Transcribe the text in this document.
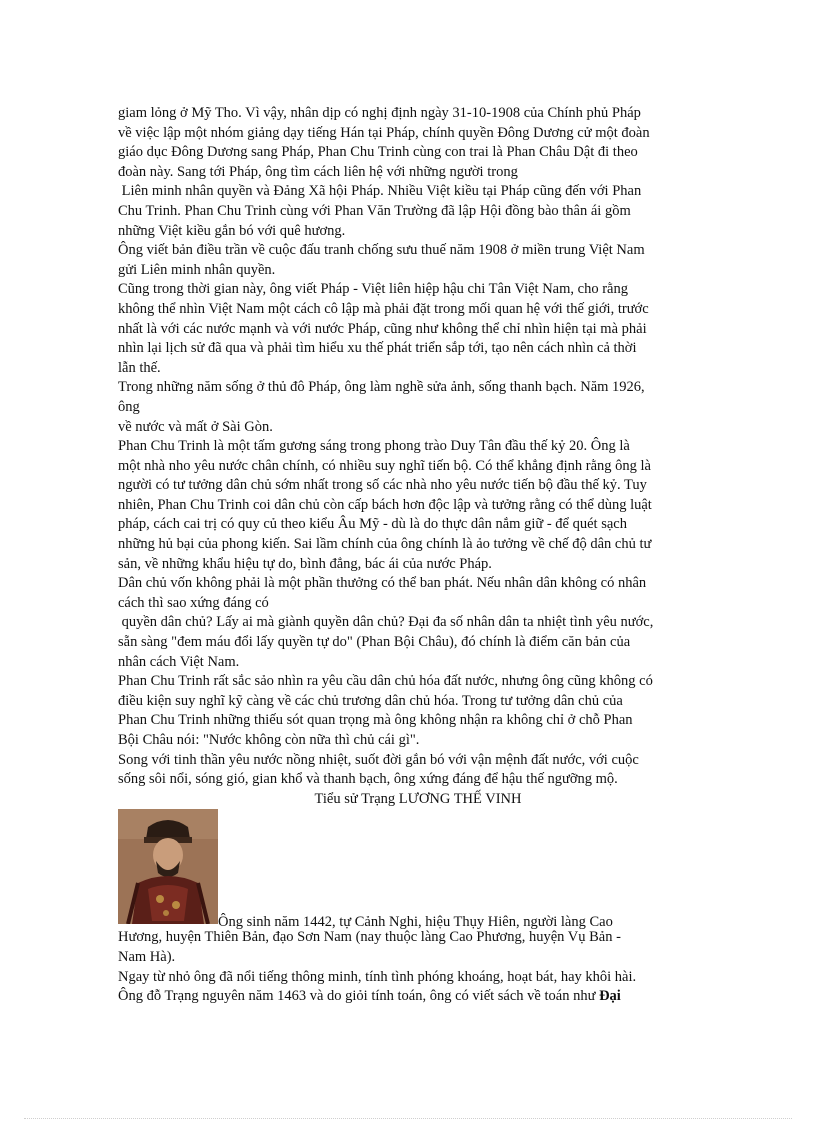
giam lỏng ở Mỹ Tho. Vì vậy, nhân dịp có nghị định ngày 31-10-1908 của Chính phủ Pháp
về việc lập một nhóm giảng dạy tiếng Hán tại Pháp, chính quyền Đông Dương cử một đoàn
giáo dục Đông Dương sang Pháp, Phan Chu Trinh cùng con trai là Phan Châu Dật đi theo
đoàn này. Sang tới Pháp, ông tìm cách liên hệ với những người trong
Liên minh nhân quyền và Đảng Xã hội Pháp. Nhiều Việt kiều tại Pháp cũng đến với Phan
Chu Trinh. Phan Chu Trinh cùng với Phan Văn Trường đã lập Hội đồng bào thân ái gồm
những Việt kiều gắn bó với quê hương.
Ông viết bản điều trần về cuộc đấu tranh chống sưu thuế năm 1908 ở miền trung Việt Nam
gửi Liên minh nhân quyền.
Cũng trong thời gian này, ông viết Pháp - Việt liên hiệp hậu chi Tân Việt Nam, cho rằng
không thể nhìn Việt Nam một cách cô lập mà phải đặt trong mối quan hệ với thế giới, trước
nhất là với các nước mạnh và với nước Pháp, cũng như không thể chỉ nhìn hiện tại mà phải
nhìn lại lịch sử đã qua và phải tìm hiểu xu thế phát triển sắp tới, tạo nên cách nhìn cả thời
lẫn thế.
Trong những năm sống ở thủ đô Pháp, ông làm nghề sửa ảnh, sống thanh bạch. Năm 1926,
ông
về nước và mất ở Sài Gòn.
Phan Chu Trinh là một tấm gương sáng trong phong trào Duy Tân đầu thế kỷ 20. Ông là
một nhà nho yêu nước chân chính, có nhiều suy nghĩ tiến bộ. Có thể khẳng định rằng ông là
người có tư tưởng dân chủ sớm nhất trong số các nhà nho yêu nước tiến bộ đầu thế kỷ. Tuy
nhiên, Phan Chu Trinh coi dân chủ còn cấp bách hơn độc lập và tưởng rằng có thể dùng luật
pháp, cách cai trị có quy củ theo kiểu Âu Mỹ - dù là do thực dân nắm giữ - để quét sạch
những hủ bại của phong kiến. Sai lầm chính của ông chính là ảo tưởng về chế độ dân chủ tư
sản, về những khẩu hiệu tự do, bình đẳng, bác ái của nước Pháp.
Dân chủ vốn không phải là một phần thưởng có thể ban phát. Nếu nhân dân không có nhân
cách thì sao xứng đáng có
quyền dân chủ? Lấy ai mà giành quyền dân chủ? Đại đa số nhân dân ta nhiệt tình yêu nước,
sẵn sàng "đem máu đổi lấy quyền tự do" (Phan Bội Châu), đó chính là điểm căn bản của
nhân cách Việt Nam.
Phan Chu Trinh rất sắc sảo nhìn ra yêu cầu dân chủ hóa đất nước, nhưng ông cũng không có
điều kiện suy nghĩ kỹ càng về các chủ trương dân chủ hóa. Trong tư tưởng dân chủ của
Phan Chu Trinh những thiếu sót quan trọng mà ông không nhận ra không chỉ ở chỗ Phan
Bội Châu nói: "Nước không còn nữa thì chủ cái gì".
Song với tinh thần yêu nước nồng nhiệt, suốt đời gắn bó với vận mệnh đất nước, với cuộc
sống sôi nổi, sóng gió, gian khổ và thanh bạch, ông xứng đáng để hậu thế ngưỡng mộ.
Tiểu sử Trạng LƯƠNG THẾ VINH
Ông sinh năm 1442, tự Cảnh Nghi, hiệu Thụy Hiên, người làng Cao
Hương, huyện Thiên Bản, đạo Sơn Nam (nay thuộc làng Cao Phương, huyện Vụ Bản -
Nam Hà).
Ngay từ nhỏ ông đã nổi tiếng thông minh, tính tình phóng khoáng, hoạt bát, hay khôi hài.
Ông đỗ Trạng nguyên năm 1463 và do giỏi tính toán, ông có viết sách về toán như Đại
